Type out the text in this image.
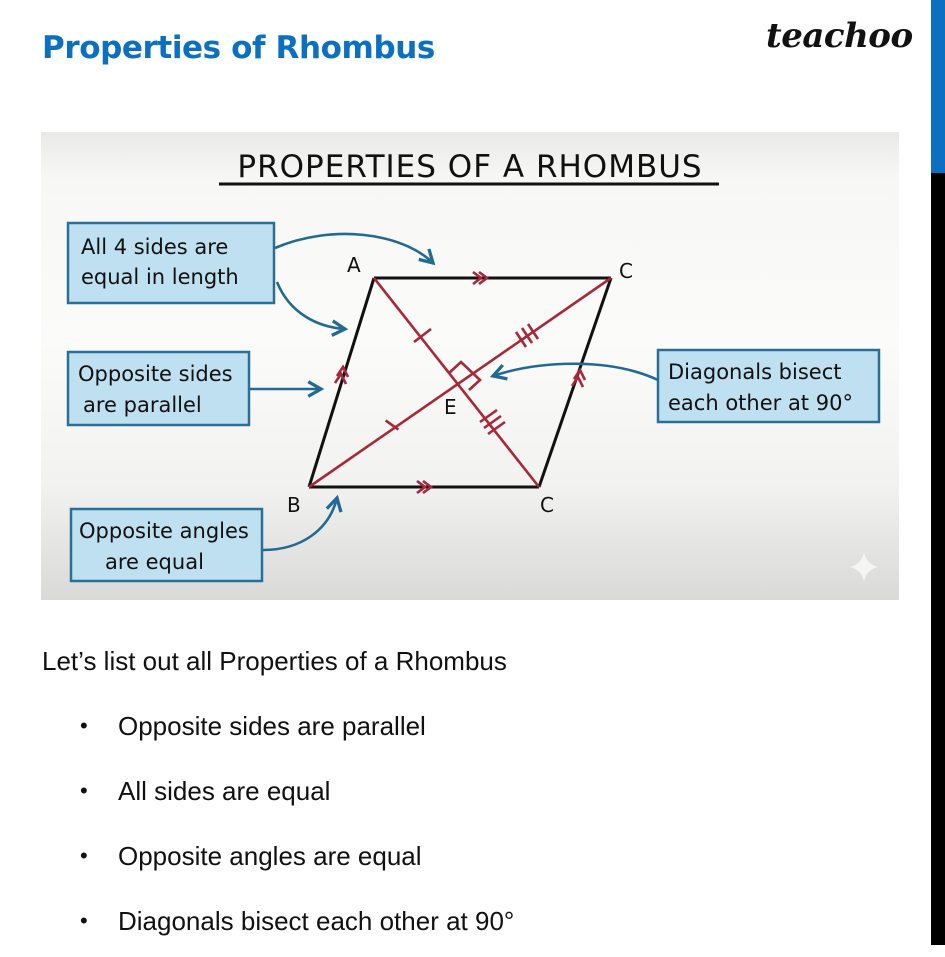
Properties of Rhombus	teachoo
PROPERTIES OF A RHOMBUS
A	C
B	C
E
All 4 sides are
equal in length
Opposite sides
are parallel
Diagonals bisect
each other at 90°
Opposite angles
are equal

Let’s list out all Properties of a Rhombus

• Opposite sides are parallel
• All sides are equal
• Opposite angles are equal
• Diagonals bisect each other at 90°
